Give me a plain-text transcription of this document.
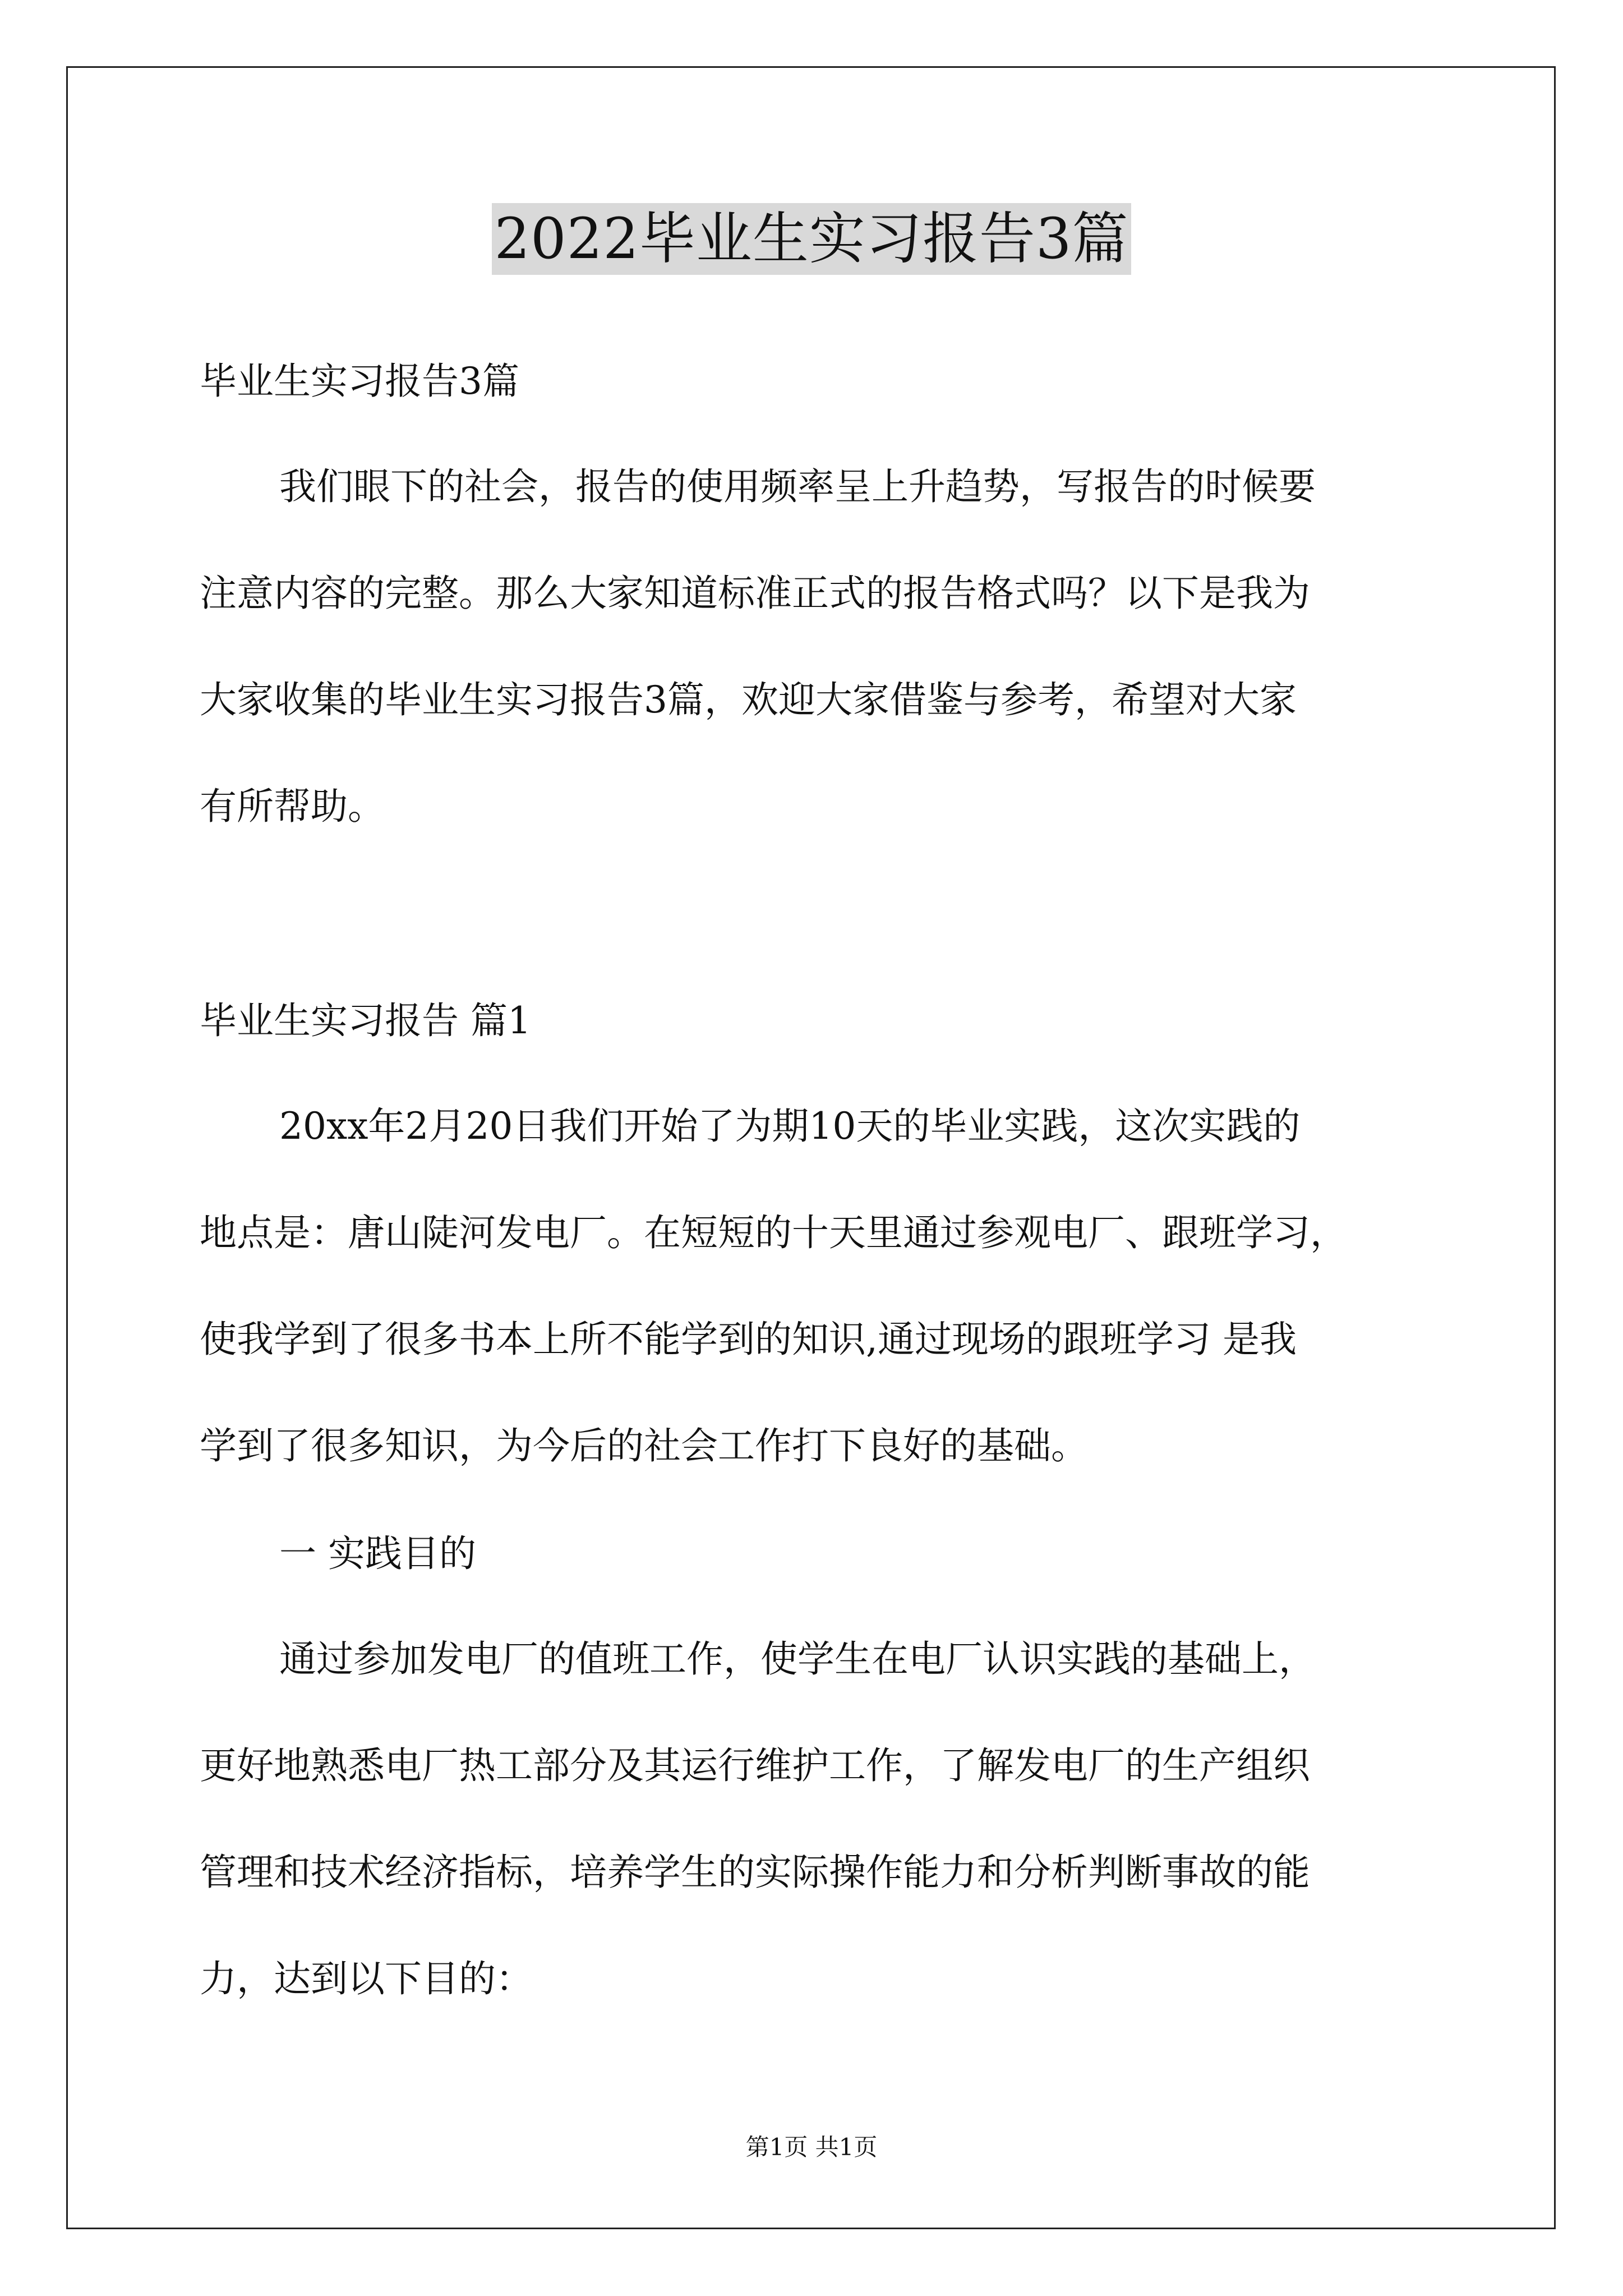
2022毕业生实习报告3篇

毕业生实习报告3篇

我们眼下的社会，报告的使用频率呈上升趋势，写报告的时候要
注意内容的完整。那么大家知道标准正式的报告格式吗？以下是我为
大家收集的毕业生实习报告3篇，欢迎大家借鉴与参考，希望对大家
有所帮助。

毕业生实习报告 篇1

20xx年2月20日我们开始了为期10天的毕业实践，这次实践的
地点是：唐山陡河发电厂。在短短的十天里通过参观电厂、跟班学习，
使我学到了很多书本上所不能学到的知识,通过现场的跟班学习 是我
学到了很多知识，为今后的社会工作打下良好的基础。

一 实践目的

通过参加发电厂的值班工作，使学生在电厂认识实践的基础上，
更好地熟悉电厂热工部分及其运行维护工作，了解发电厂的生产组织
管理和技术经济指标，培养学生的实际操作能力和分析判断事故的能
力，达到以下目的：
第1页 共1页
